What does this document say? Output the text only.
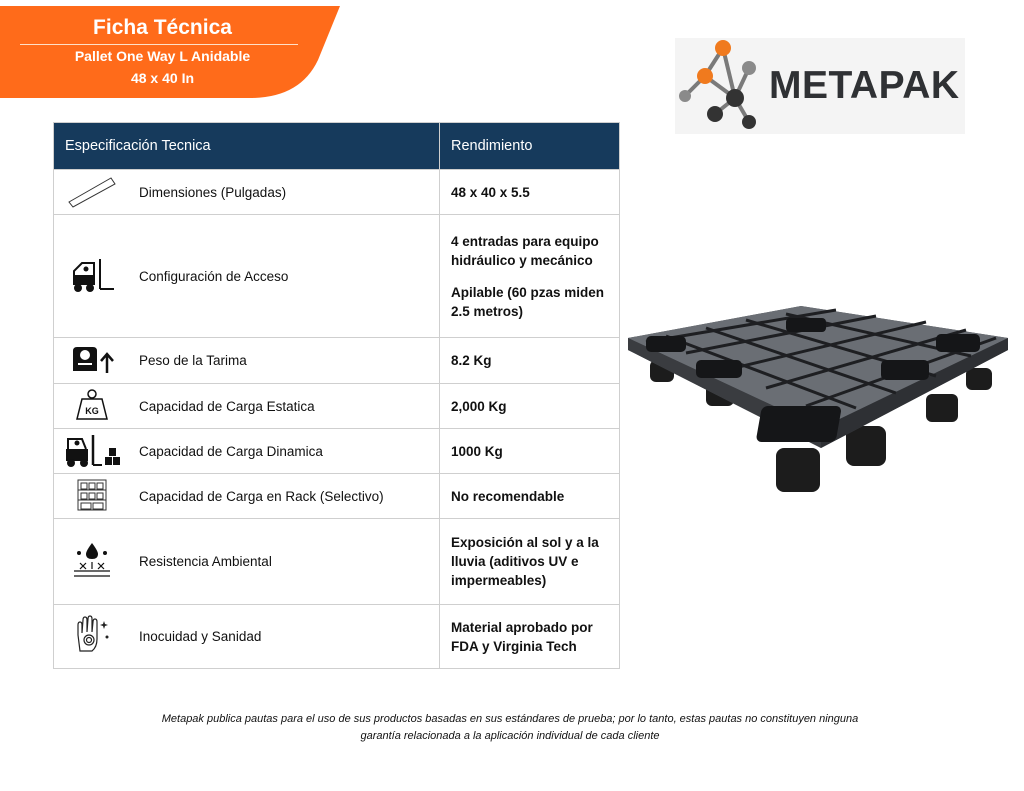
Ficha Técnica
Pallet One Way L Anidable
48 x 40 In	METAPAK
Especificación Tecnica		Rendimiento
	Dimensiones (Pulgadas)	48 x 40 x 5.5

	Configuración de Acceso	4 entradas para equipo hidráulico y mecánico

Apilable (60 pzas miden 2.5 metros)

	Peso de la Tarima	8.2 Kg

KG	Capacidad de Carga Estatica	2,000 Kg

	Capacidad de Carga Dinamica	1000 Kg

	Capacidad de Carga en Rack (Selectivo)	No recomendable

	Resistencia Ambiental	Exposición al sol y a la lluvia (aditivos UV e impermeables)

	Inocuidad y Sanidad	Material aprobado por FDA y Virginia Tech

Metapak publica pautas para el uso de sus productos basadas en sus estándares de prueba; por lo tanto, estas pautas no constituyen ninguna
garantía relacionada a la aplicación individual de cada cliente
